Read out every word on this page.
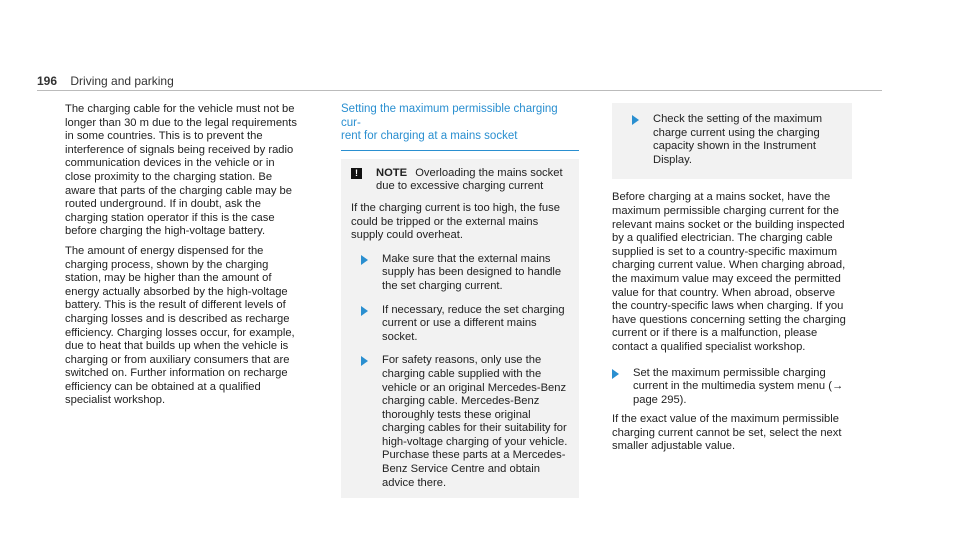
196 Driving and parking

The charging cable for the vehicle must not be longer than 30 m due to the legal requirements in some countries. This is to prevent the interference of signals being received by radio communication devices in the vehicle or in close proximity to the charging station. Be aware that parts of the charging cable may be routed underground. If in doubt, ask the charging station operator if this is the case before charging the high-voltage battery.

The amount of energy dispensed for the charging process, shown by the charging station, may be higher than the amount of energy actually absorbed by the high-voltage battery. This is the result of different levels of charging losses and is described as recharge efficiency. Charging losses occur, for example, due to heat that builds up when the vehicle is charging or from auxiliary consumers that are switched on. Further information on recharge efficiency can be obtained at a qualified specialist workshop.

Setting the maximum permissible charging cur-
rent for charging at a mains socket
!	NOTE Overloading the mains socket due to excessive charging current

If the charging current is too high, the fuse could be tripped or the external mains supply could overheat.

Make sure that the external mains supply has been designed to handle the set charging current.
If necessary, reduce the set charging current or use a different mains socket.
For safety reasons, only use the charging cable supplied with the vehicle or an original Mercedes-Benz charging cable. Mercedes-Benz thoroughly tests these original charging cables for their suitability for high-voltage charging of your vehicle. Purchase these parts at a Mercedes-Benz Service Centre and obtain advice there.
Check the setting of the maximum charge current using the charging capacity shown in the Instrument Display.

Before charging at a mains socket, have the maximum permissible charging current for the relevant mains socket or the building inspected by a qualified electrician. The charging cable supplied is set to a country-specific maximum charging current value. When charging abroad, the maximum value may exceed the permitted value for that country. When abroad, observe the country-specific laws when charging. If you have questions concerning setting the charging current or if there is a malfunction, please contact a qualified specialist workshop.

Set the maximum permissible charging current in the multimedia system menu (→ page 295).

If the exact value of the maximum permissible charging current cannot be set, select the next smaller adjustable value.
